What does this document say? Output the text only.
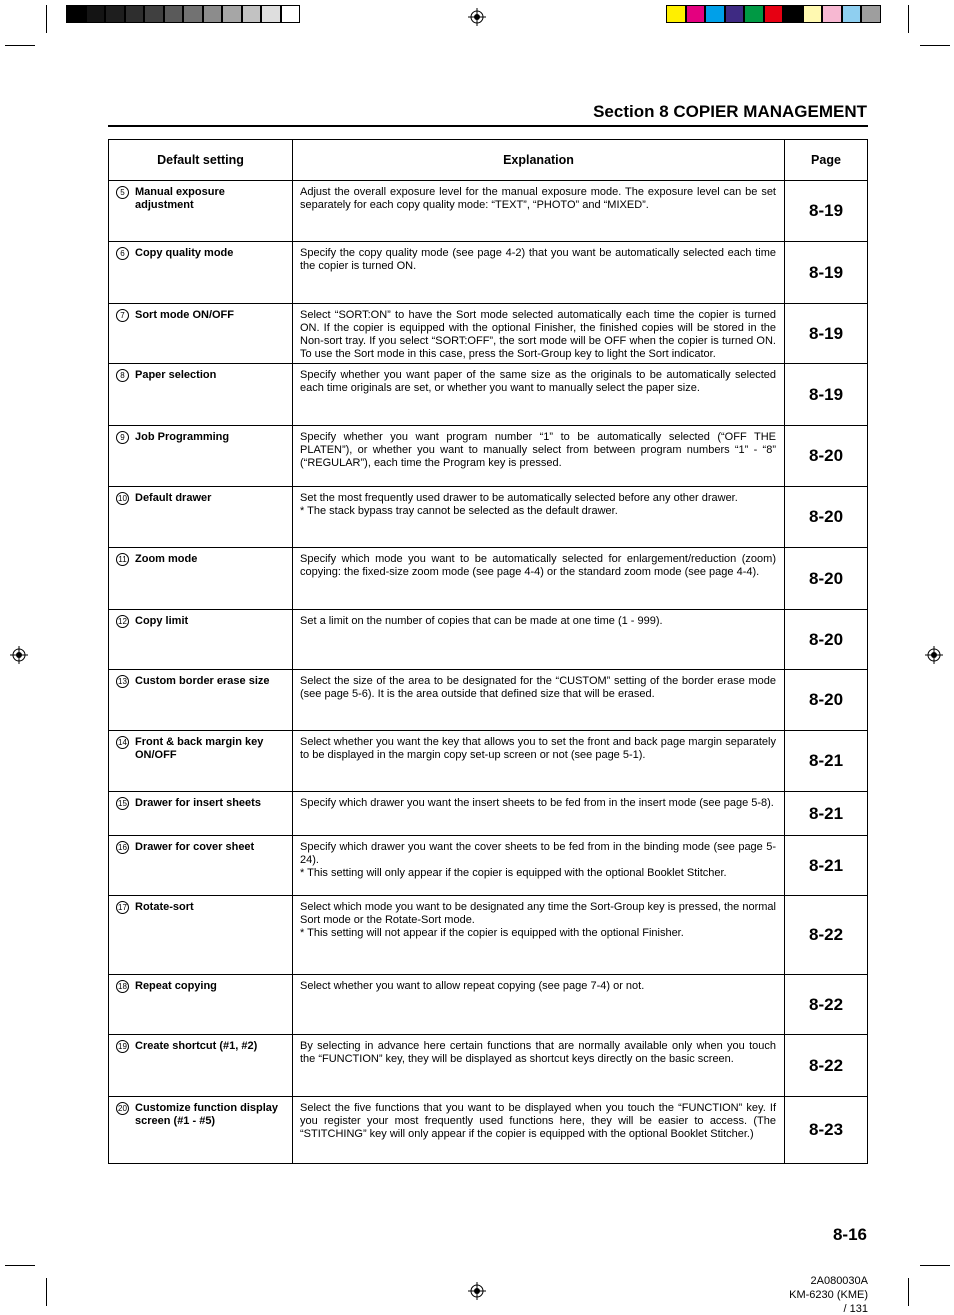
Section 8 COPIER MANAGEMENT
Default setting	Explanation	Page
5 Manual exposure adjustment	Adjust the overall exposure level for the manual exposure mode. The exposure level can be set separately for each copy quality mode: “TEXT”, “PHOTO” and “MIXED”.	8-19
6 Copy quality mode	Specify the copy quality mode (see page 4-2) that you want be automatically selected each time the copier is turned ON.	8-19
7 Sort mode ON/OFF	Select “SORT:ON” to have the Sort mode selected automatically each time the copier is turned ON. If the copier is equipped with the optional Finisher, the finished copies will be stored in the Non-sort tray. If you select “SORT:OFF”, the sort mode will be OFF when the copier is turned ON. To use the Sort mode in this case, press the Sort-Group key to light the Sort indicator.	8-19
8 Paper selection	Specify whether you want paper of the same size as the originals to be automatically selected each time originals are set, or whether you want to manually select the paper size.	8-19
9 Job Programming	Specify whether you want program number “1” to be automatically selected (“OFF THE PLATEN”), or whether you want to manually select from between program numbers “1” - “8” (“REGULAR”), each time the Program key is pressed.	8-20
10 Default drawer	Set the most frequently used drawer to be automatically selected before any other drawer.
* The stack bypass tray cannot be selected as the default drawer.	8-20
11 Zoom mode	Specify which mode you want to be automatically selected for enlargement/reduction (zoom) copying: the fixed-size zoom mode (see page 4-4) or the standard zoom mode (see page 4-4).	8-20
12 Copy limit	Set a limit on the number of copies that can be made at one time (1 - 999).	8-20
13 Custom border erase size	Select the size of the area to be designated for the “CUSTOM” setting of the border erase mode (see page 5-6). It is the area outside that defined size that will be erased.	8-20
14 Front & back margin key ON/OFF	Select whether you want the key that allows you to set the front and back page margin separately to be displayed in the margin copy set-up screen or not (see page 5-1).	8-21
15 Drawer for insert sheets	Specify which drawer you want the insert sheets to be fed from in the insert mode (see page 5-8).	8-21
16 Drawer for cover sheet	Specify which drawer you want the cover sheets to be fed from in the binding mode (see page 5-24).
* This setting will only appear if the copier is equipped with the optional Booklet Stitcher.	8-21
17 Rotate-sort	Select which mode you want to be designated any time the Sort-Group key is pressed, the normal Sort mode or the Rotate-Sort mode.
* This setting will not appear if the copier is equipped with the optional Finisher.	8-22
18 Repeat copying	Select whether you want to allow repeat copying (see page 7-4) or not.	8-22
19 Create shortcut (#1, #2)	By selecting in advance here certain functions that are normally available only when you touch the “FUNCTION” key, they will be displayed as shortcut keys directly on the basic screen.	8-22
20 Customize function display screen (#1 - #5)	Select the five functions that you want to be displayed when you touch the “FUNCTION” key. If you register your most frequently used functions here, they will be easier to access. (The “STITCHING” key will only appear if the copier is equipped with the optional Booklet Stitcher.)	8-23
8-16
2A080030A
KM-6230 (KME)
/ 131
